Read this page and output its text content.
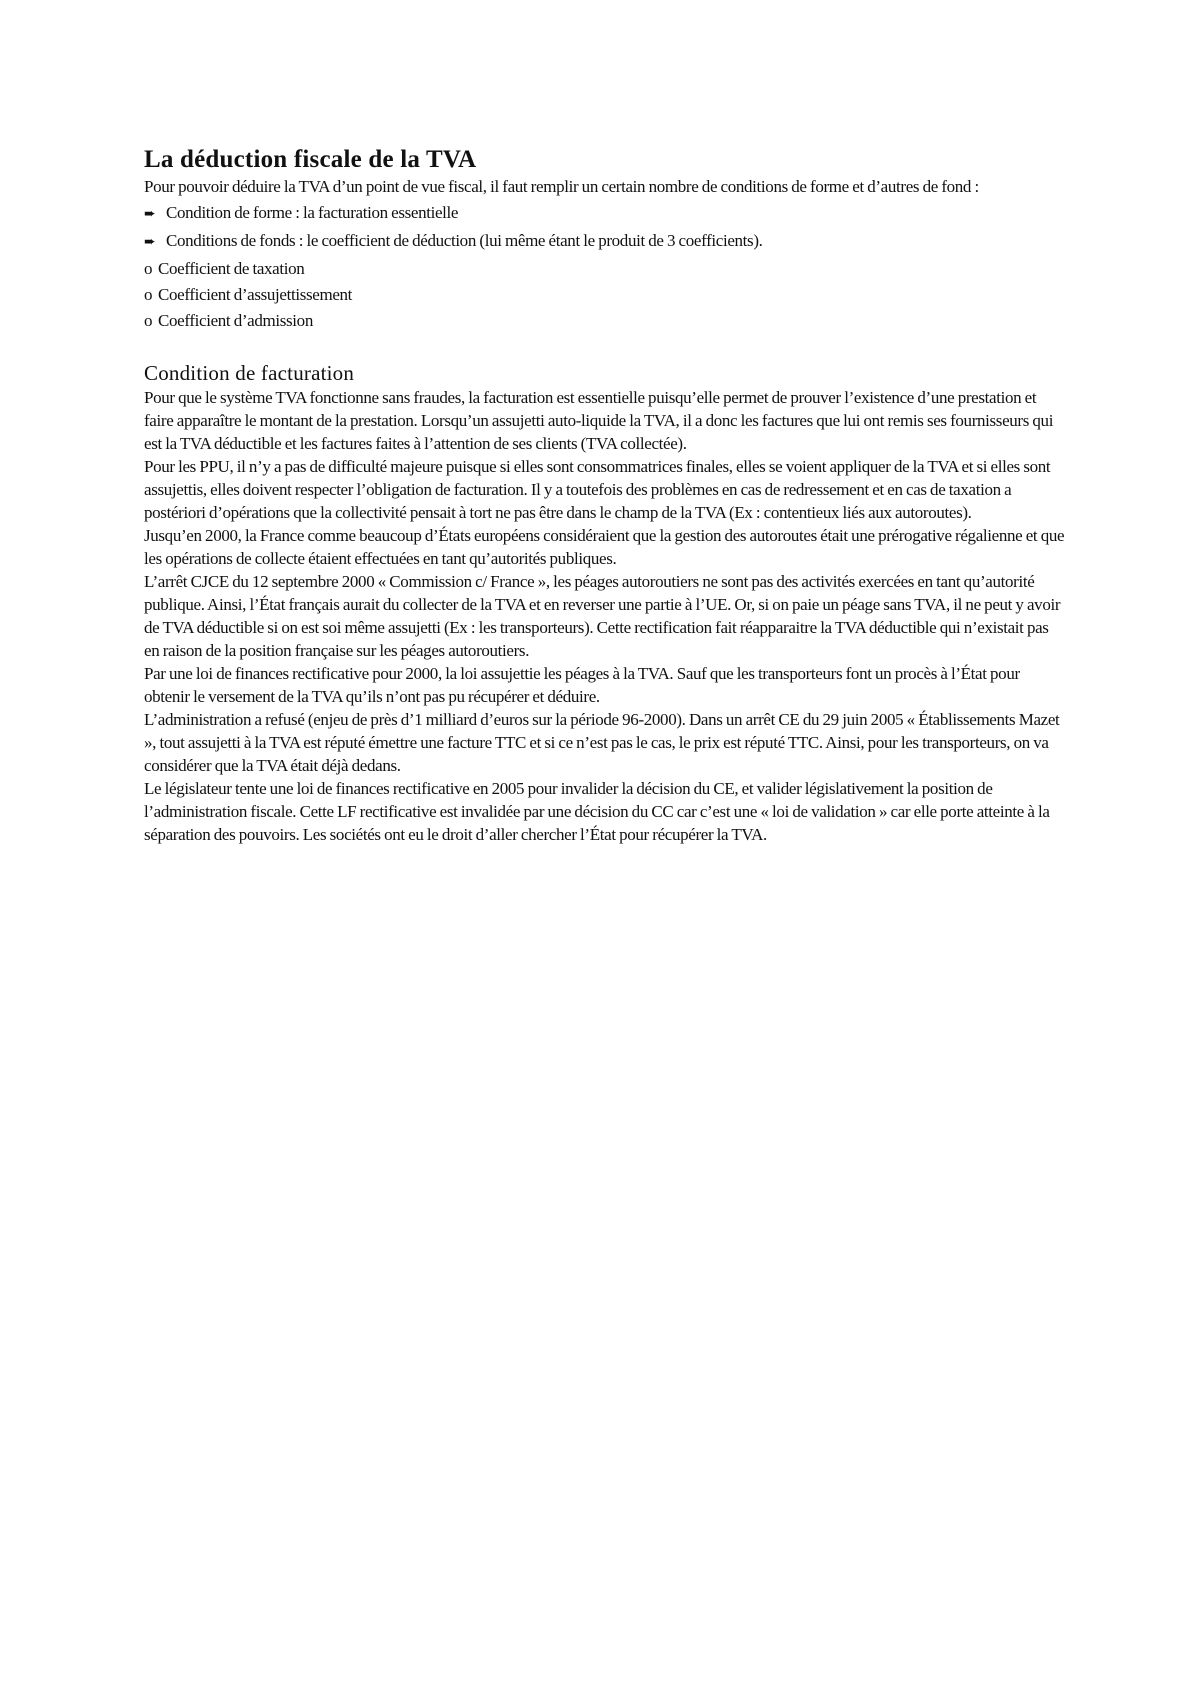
La déduction fiscale de la TVA

Pour pouvoir déduire la TVA d’un point de vue fiscal, il faut remplir un certain nombre de conditions de forme et d’autres de fond :

➨ Condition de forme : la facturation essentielle
➨ Conditions de fonds : le coefficient de déduction (lui même étant le produit de 3 coefficients).
o Coefficient de taxation
o Coefficient d’assujettissement
o Coefficient d’admission
Condition de facturation

Pour que le système TVA fonctionne sans fraudes, la facturation est essentielle puisqu’elle permet de prouver l’existence d’une prestation et faire apparaître le montant de la prestation. Lorsqu’un assujetti auto-liquide la TVA, il a donc les factures que lui ont remis ses fournisseurs qui est la TVA déductible et les factures faites à l’attention de ses clients (TVA collectée).

Pour les PPU, il n’y a pas de difficulté majeure puisque si elles sont consommatrices finales, elles se voient appliquer de la TVA et si elles sont assujettis, elles doivent respecter l’obligation de facturation. Il y a toutefois des problèmes en cas de redressement et en cas de taxation a postériori d’opérations que la collectivité pensait à tort ne pas être dans le champ de la TVA (Ex : contentieux liés aux autoroutes).

Jusqu’en 2000, la France comme beaucoup d’États européens considéraient que la gestion des autoroutes était une prérogative régalienne et que les opérations de collecte étaient effectuées en tant qu’autorités publiques.

L’arrêt CJCE du 12 septembre 2000 « Commission c/ France », les péages autoroutiers ne sont pas des activités exercées en tant qu’autorité publique. Ainsi, l’État français aurait du collecter de la TVA et en reverser une partie à l’UE. Or, si on paie un péage sans TVA, il ne peut y avoir de TVA déductible si on est soi même assujetti (Ex : les transporteurs). Cette rectification fait réapparaitre la TVA déductible qui n’existait pas en raison de la position française sur les péages autoroutiers.

Par une loi de finances rectificative pour 2000, la loi assujettie les péages à la TVA. Sauf que les transporteurs font un procès à l’État pour obtenir le versement de la TVA qu’ils n’ont pas pu récupérer et déduire.

L’administration a refusé (enjeu de près d’1 milliard d’euros sur la période 96-2000). Dans un arrêt CE du 29 juin 2005 « Établissements Mazet », tout assujetti à la TVA est réputé émettre une facture TTC et si ce n’est pas le cas, le prix est réputé TTC. Ainsi, pour les transporteurs, on va considérer que la TVA était déjà dedans.

Le législateur tente une loi de finances rectificative en 2005 pour invalider la décision du CE, et valider législativement la position de l’administration fiscale. Cette LF rectificative est invalidée par une décision du CC car c’est une « loi de validation » car elle porte atteinte à la séparation des pouvoirs. Les sociétés ont eu le droit d’aller chercher l’État pour récupérer la TVA.
